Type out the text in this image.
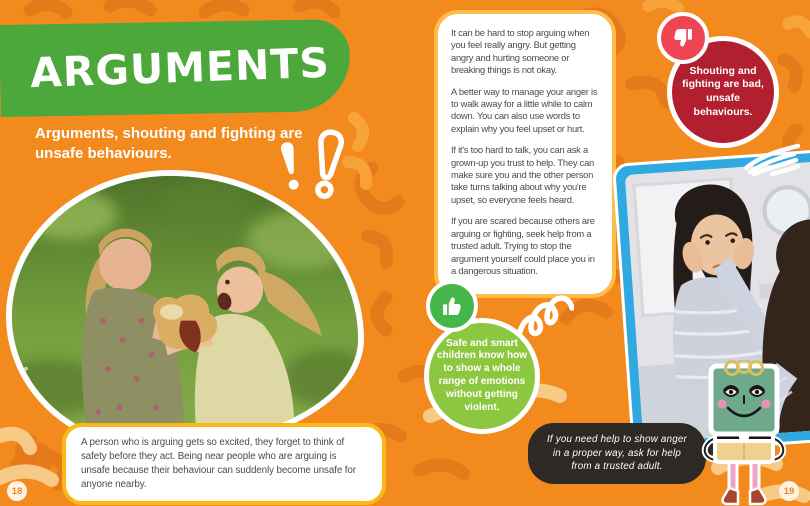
ARGUMENTS
Arguments, shouting and fighting are unsafe behaviours.
A person who is arguing gets so excited, they forget to think of safety before they act. Being near people who are arguing is unsafe because their behaviour can suddenly become unsafe for anyone nearby.

It can be hard to stop arguing when you feel really angry. But getting angry and hurting someone or breaking things is not okay.

A better way to manage your anger is to walk away for a little while to calm down. You can also use words to explain why you feel upset or hurt.

If it's too hard to talk, you can ask a grown-up you trust to help. They can make sure you and the other person take turns talking about why you're upset, so everyone feels heard.

If you are scared because others are arguing or fighting, seek help from a trusted adult. Trying to stop the argument yourself could place you in a dangerous situation.

Shouting and fighting are bad, unsafe behaviours.
Safe and smart children know how to show a whole range of emotions without getting violent.
If you need help to show anger in a proper way, ask for help from a trusted adult.
18	19
